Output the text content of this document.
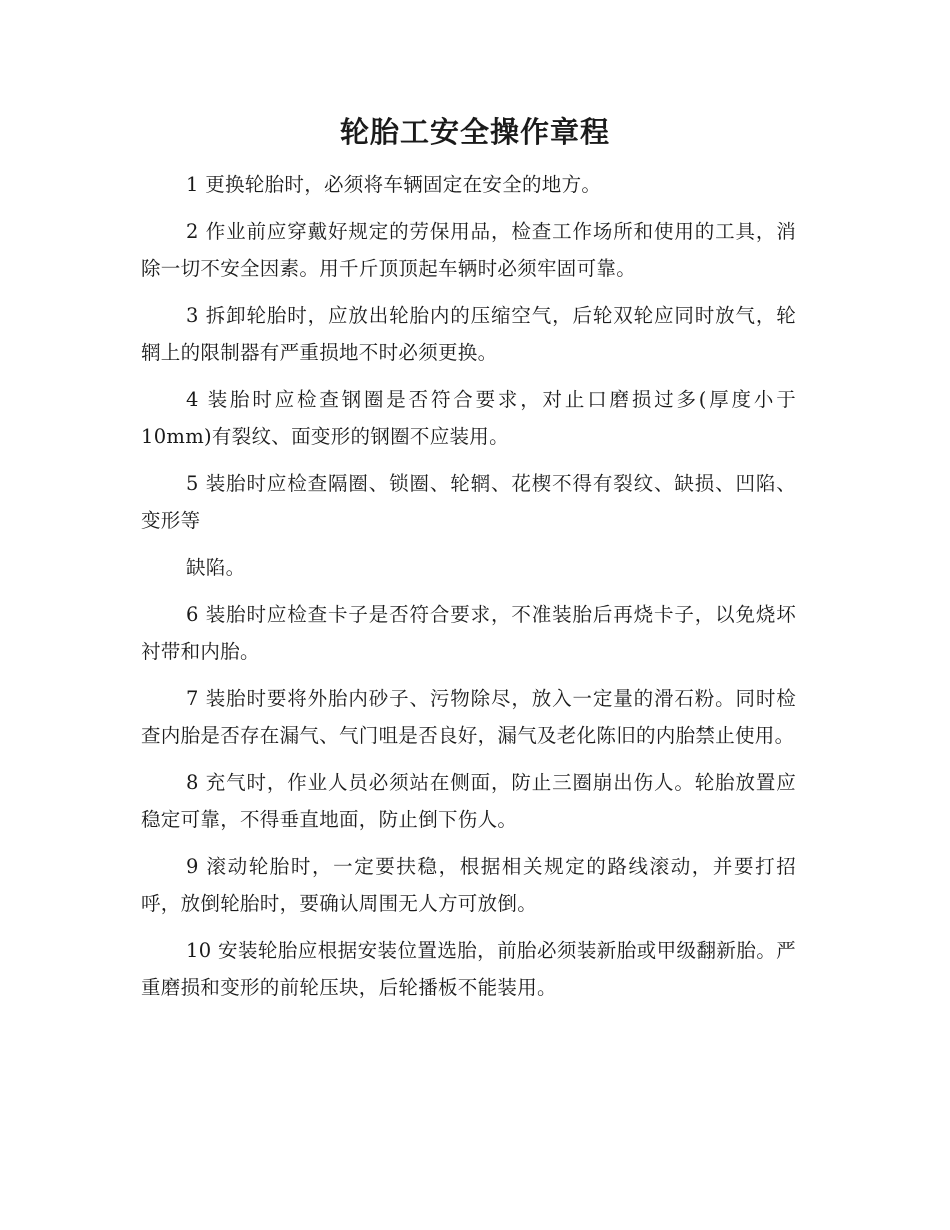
轮胎工安全操作章程

1 更换轮胎时，必须将车辆固定在安全的地方。

2 作业前应穿戴好规定的劳保用品，检查工作场所和使用的工具，消除一切不安全因素。用千斤顶顶起车辆时必须牢固可靠。

3 拆卸轮胎时，应放出轮胎内的压缩空气，后轮双轮应同时放气，轮辋上的限制器有严重损地不时必须更换。

4 装胎时应检查钢圈是否符合要求，对止口磨损过多(厚度小于10mm)有裂纹、面变形的钢圈不应装用。

5 装胎时应检查隔圈、锁圈、轮辋、花楔不得有裂纹、缺损、凹陷、变形等

缺陷。

6 装胎时应检查卡子是否符合要求，不准装胎后再烧卡子，以免烧坏衬带和内胎。

7 装胎时要将外胎内砂子、污物除尽，放入一定量的滑石粉。同时检查内胎是否存在漏气、气门咀是否良好，漏气及老化陈旧的内胎禁止使用。

8 充气时，作业人员必须站在侧面，防止三圈崩出伤人。轮胎放置应稳定可靠，不得垂直地面，防止倒下伤人。

9 滚动轮胎时，一定要扶稳，根据相关规定的路线滚动，并要打招呼，放倒轮胎时，要确认周围无人方可放倒。

10 安装轮胎应根据安装位置选胎，前胎必须装新胎或甲级翻新胎。严重磨损和变形的前轮压块，后轮播板不能装用。
